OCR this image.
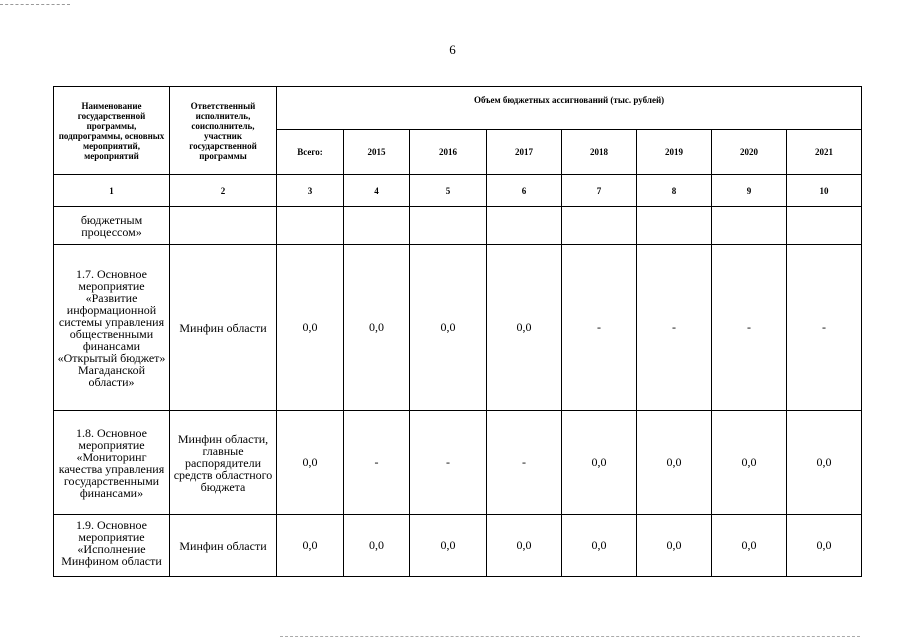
6
Наименование государственной программы, подпрограммы, основных мероприятий, мероприятий	Ответственный исполнитель, соисполнитель, участник государственной программы	Объем бюджетных ассигнований (тыс. рублей)							
		Всего:	2015	2016	2017	2018	2019	2020	2021
1	2	3	4	5	6	7	8	9	10
бюджетным процессом»									
1.7. Основное мероприятие «Развитие информационной системы управления общественными финансами «Открытый бюджет» Магаданской области»	Минфин области	0,0	0,0	0,0	0,0	-	-	-	-
1.8. Основное мероприятие «Мониторинг качества управления государственными финансами»	Минфин области, главные распорядители средств областного бюджета	0,0	-	-	-	0,0	0,0	0,0	0,0
1.9. Основное мероприятие «Исполнение Минфином области	Минфин области	0,0	0,0	0,0	0,0	0,0	0,0	0,0	0,0
